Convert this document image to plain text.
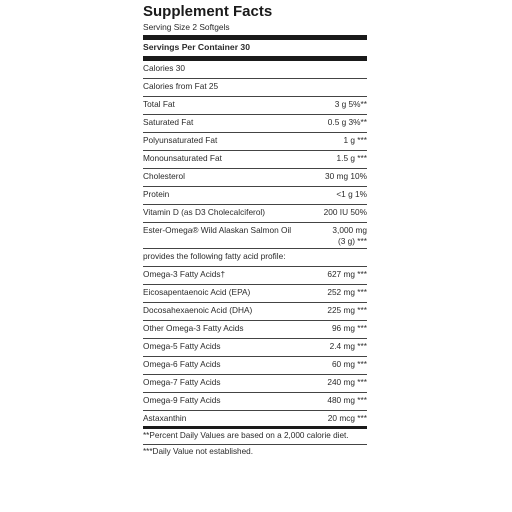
Supplement Facts
Serving Size 2 Softgels
Servings Per Container 30
Calories 30
Calories from Fat 25
Total Fat	3 g 5%**
Saturated Fat	0.5 g 3%**
Polyunsaturated Fat	1 g ***
Monounsaturated Fat	1.5 g ***
Cholesterol	30 mg 10%
Protein	<1 g 1%
Vitamin D (as D3 Cholecalciferol)	200 IU 50%
Ester-Omega® Wild Alaskan Salmon Oil	3,000 mg (3 g) ***
provides the following fatty acid profile:
Omega-3 Fatty Acids†	627 mg ***
Eicosapentaenoic Acid (EPA)	252 mg ***
Docosahexaenoic Acid (DHA)	225 mg ***
Other Omega-3 Fatty Acids	96 mg ***
Omega-5 Fatty Acids	2.4 mg ***
Omega-6 Fatty Acids	60 mg ***
Omega-7 Fatty Acids	240 mg ***
Omega-9 Fatty Acids	480 mg ***
Astaxanthin	20 mcg ***
**Percent Daily Values are based on a 2,000 calorie diet.
***Daily Value not established.
